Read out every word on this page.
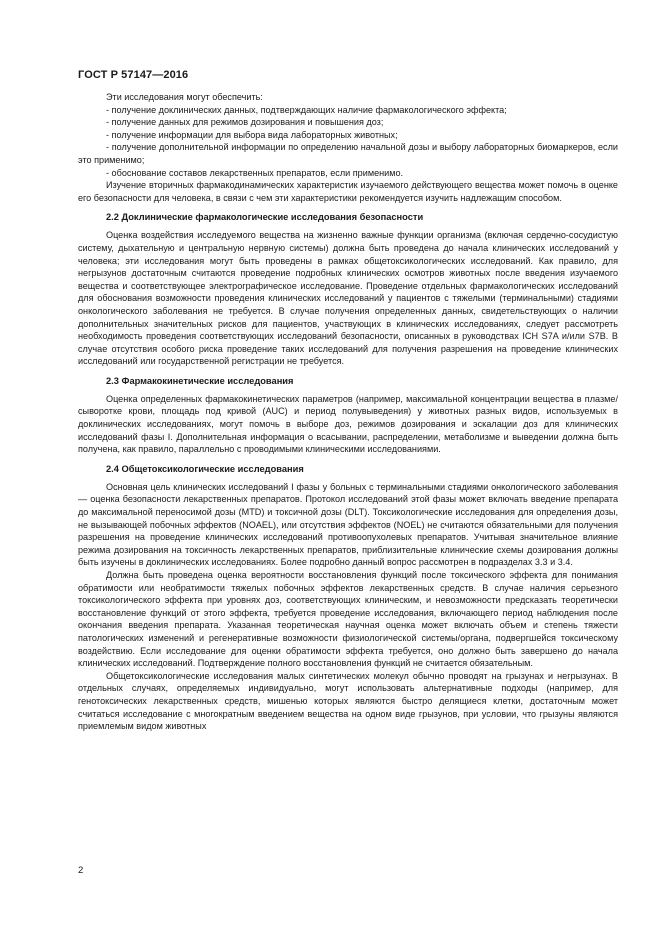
ГОСТ Р 57147—2016

Эти исследования могут обеспечить:

- получение доклинических данных, подтверждающих наличие фармакологического эффекта;

- получение данных для режимов дозирования и повышения доз;

- получение информации для выбора вида лабораторных животных;

- получение дополнительной информации по определению начальной дозы и выбору лабораторных биомаркеров, если это применимо;

- обоснование составов лекарственных препаратов, если применимо.

Изучение вторичных фармакодинамических характеристик изучаемого действующего вещества может помочь в оценке его безопасности для человека, в связи с чем эти характеристики рекомендуется изучить надлежащим способом.

2.2 Доклинические фармакологические исследования безопасности

Оценка воздействия исследуемого вещества на жизненно важные функции организма (включая сердечно-сосудистую систему, дыхательную и центральную нервную системы) должна быть проведена до начала клинических исследований у человека; эти исследования могут быть проведены в рамках общетоксикологических исследований. Как правило, для негрызунов достаточным считаются проведение подробных клинических осмотров животных после введения изучаемого вещества и соответствующее электрографическое исследование. Проведение отдельных фармакологических исследований для обоснования возможности проведения клинических исследований у пациентов с тяжелыми (терминальными) стадиями онкологического заболевания не требуется. В случае получения определенных данных, свидетельствующих о наличии дополнительных значительных рисков для пациентов, участвующих в клинических исследованиях, следует рассмотреть необходимость проведения соответствующих исследований безопасности, описанных в руководствах ICH S7A и/или S7B. В случае отсутствия особого риска проведение таких исследований для получения разрешения на проведение клинических исследований или государственной регистрации не требуется.

2.3 Фармакокинетические исследования

Оценка определенных фармакокинетических параметров (например, максимальной концентрации вещества в плазме/сыворотке крови, площадь под кривой (AUC) и период полувыведения) у животных разных видов, используемых в доклинических исследованиях, могут помочь в выборе доз, режимов дозирования и эскалации доз для клинических исследований фазы I. Дополнительная информация о всасывании, распределении, метаболизме и выведении должна быть получена, как правило, параллельно с проводимыми клиническими исследованиями.

2.4 Общетоксикологические исследования

Основная цель клинических исследований I фазы у больных с терминальными стадиями онкологического заболевания — оценка безопасности лекарственных препаратов. Протокол исследований этой фазы может включать введение препарата до максимальной переносимой дозы (MTD) и токсичной дозы (DLT). Токсикологические исследования для определения дозы, не вызывающей побочных эффектов (NOAEL), или отсутствия эффектов (NOEL) не считаются обязательными для получения разрешения на проведение клинических исследований противоопухолевых препаратов. Учитывая значительное влияние режима дозирования на токсичность лекарственных препаратов, приблизительные клинические схемы дозирования должны быть изучены в доклинических исследованиях. Более подробно данный вопрос рассмотрен в подразделах 3.3 и 3.4.

Должна быть проведена оценка вероятности восстановления функций после токсического эффекта для понимания обратимости или необратимости тяжелых побочных эффектов лекарственных средств. В случае наличия серьезного токсикологического эффекта при уровнях доз, соответствующих клиническим, и невозможности предсказать теоретически восстановление функций от этого эффекта, требуется проведение исследования, включающего период наблюдения после окончания введения препарата. Указанная теоретическая научная оценка может включать объем и степень тяжести патологических изменений и регенеративные возможности физиологической системы/органа, подвергшейся токсическому воздействию. Если исследование для оценки обратимости эффекта требуется, оно должно быть завершено до начала клинических исследований. Подтверждение полного восстановления функций не считается обязательным.

Общетоксикологические исследования малых синтетических молекул обычно проводят на грызунах и негрызунах. В отдельных случаях, определяемых индивидуально, могут использовать альтернативные подходы (например, для генотоксических лекарственных средств, мишенью которых являются быстро делящиеся клетки, достаточным может считаться исследование с многократным введением вещества на одном виде грызунов, при условии, что грызуны являются приемлемым видом животных

2
